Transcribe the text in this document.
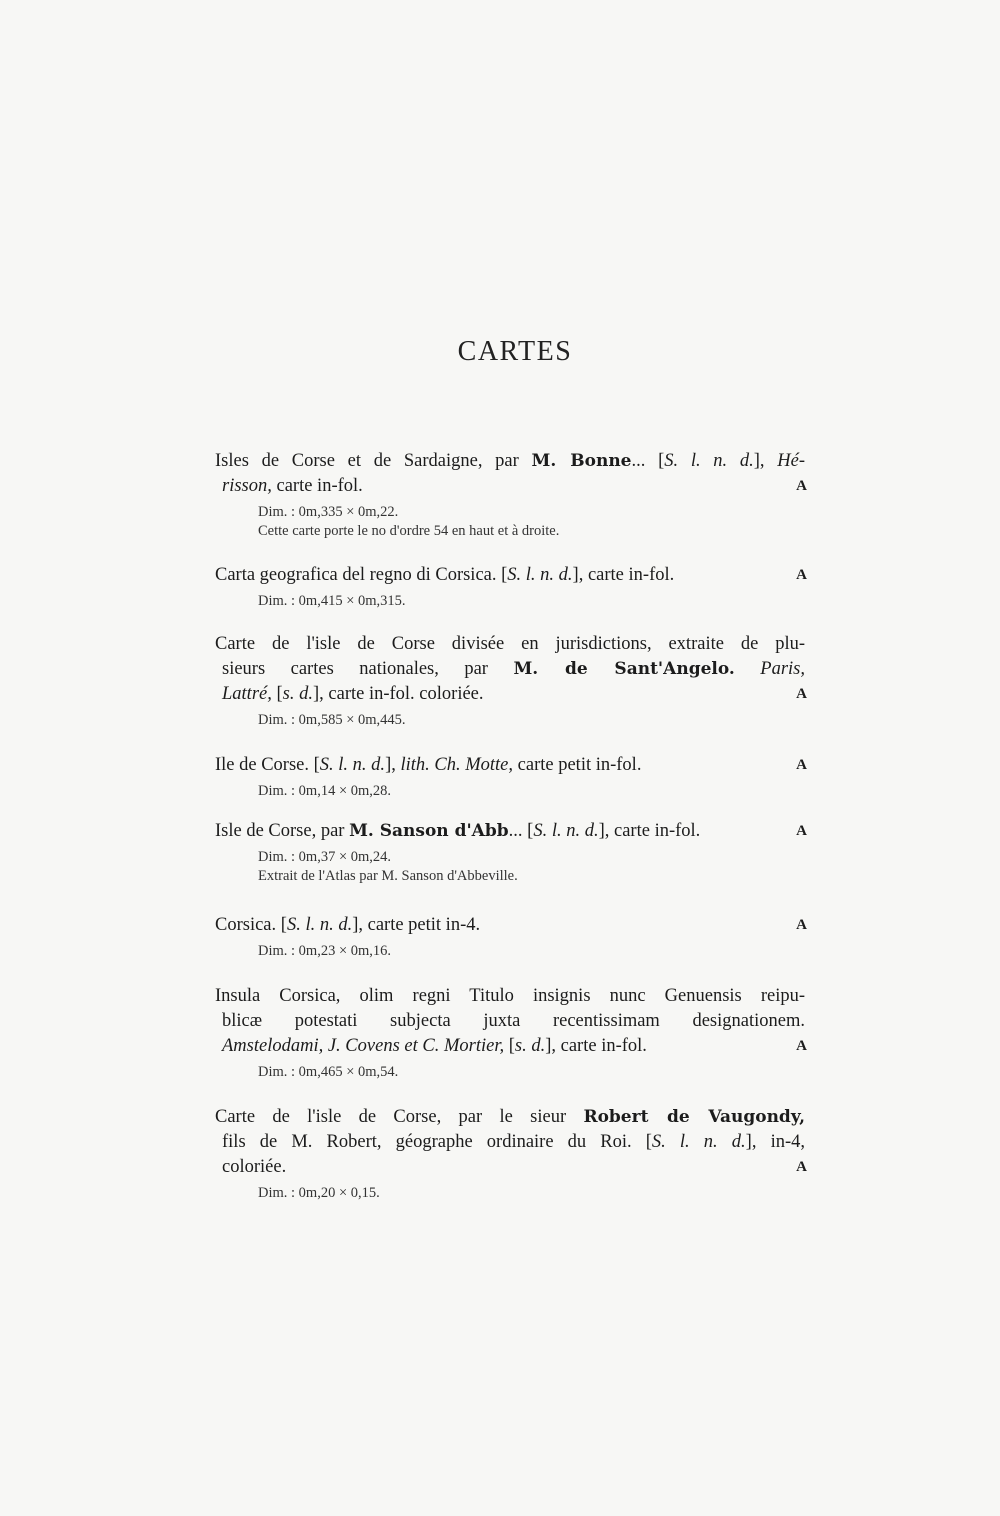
CARTES
Isles de Corse et de Sardaigne, par M. Bonne... [S. l. n. d.], Hé-
risson, carte in-fol.	A
Dim. : 0m,335 × 0m,22.
Cette carte porte le no d'ordre 54 en haut et à droite.
Carta geografica del regno di Corsica. [S. l. n. d.], carte in-fol.	A
Dim. : 0m,415 × 0m,315.
Carte de l'isle de Corse divisée en jurisdictions, extraite de plu-
sieurs cartes nationales, par M. de Sant'Angelo. Paris,
Lattré, [s. d.], carte in-fol. coloriée.	A
Dim. : 0m,585 × 0m,445.
Ile de Corse. [S. l. n. d.], lith. Ch. Motte, carte petit in-fol.	A
Dim. : 0m,14 × 0m,28.
Isle de Corse, par M. Sanson d'Abb... [S. l. n. d.], carte in-fol.	A
Dim. : 0m,37 × 0m,24.
Extrait de l'Atlas par M. Sanson d'Abbeville.
Corsica. [S. l. n. d.], carte petit in-4.	A
Dim. : 0m,23 × 0m,16.
Insula Corsica, olim regni Titulo insignis nunc Genuensis reipu-
blicæ potestati subjecta juxta recentissimam designationem.
Amstelodami, J. Covens et C. Mortier, [s. d.], carte in-fol.	A
Dim. : 0m,465 × 0m,54.
Carte de l'isle de Corse, par le sieur Robert de Vaugondy,
fils de M. Robert, géographe ordinaire du Roi. [S. l. n. d.], in-4,
coloriée.	A
Dim. : 0m,20 × 0,15.
